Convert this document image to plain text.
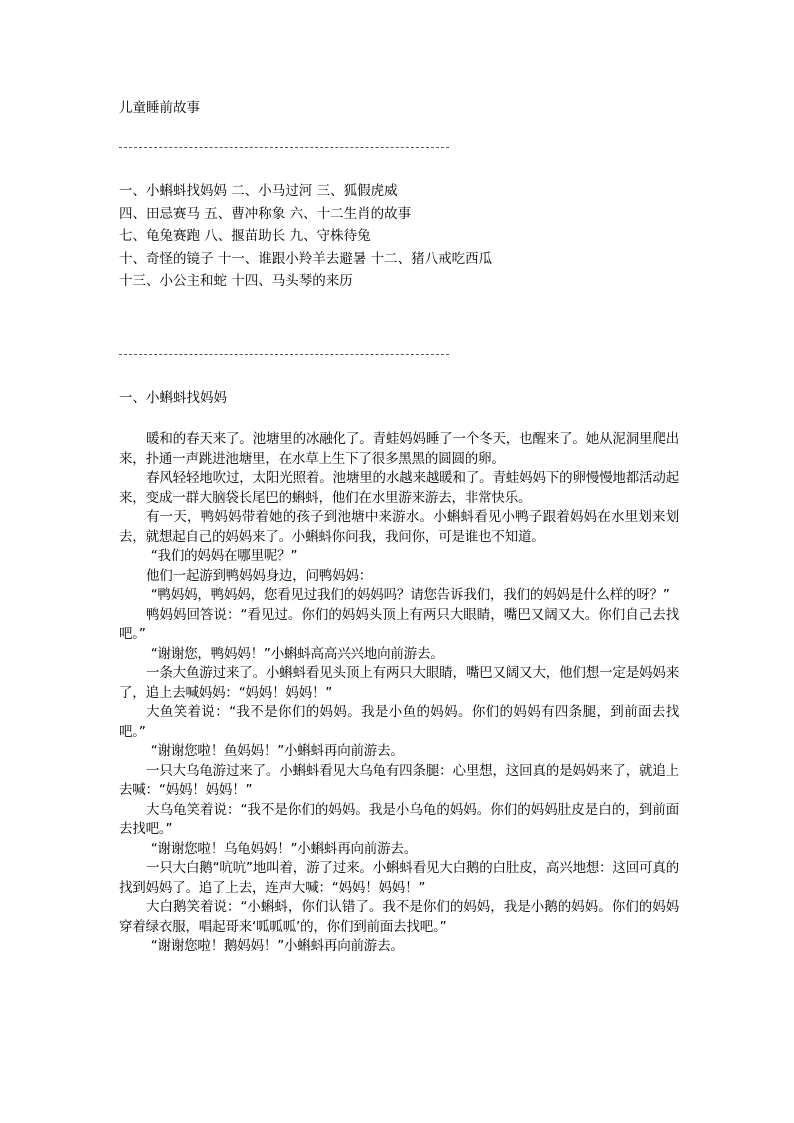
儿童睡前故事
一、小蝌蚪找妈妈 二、小马过河 三、狐假虎威
四、田忌赛马 五、曹冲称象 六、十二生肖的故事
七、龟兔赛跑 八、揠苗助长 九、守株待兔
十、奇怪的镜子 十一、谁跟小羚羊去避暑 十二、猪八戒吃西瓜
十三、小公主和蛇 十四、马头琴的来历
一、小蝌蚪找妈妈

暖和的春天来了。池塘里的冰融化了。青蛙妈妈睡了一个冬天，也醒来了。她从泥洞里爬出来，扑通一声跳进池塘里，在水草上生下了很多黑黑的圆圆的卵。

春风轻轻地吹过，太阳光照着。池塘里的水越来越暖和了。青蛙妈妈下的卵慢慢地都活动起来，变成一群大脑袋长尾巴的蝌蚪，他们在水里游来游去，非常快乐。

有一天，鸭妈妈带着她的孩子到池塘中来游水。小蝌蚪看见小鸭子跟着妈妈在水里划来划去，就想起自己的妈妈来了。小蝌蚪你问我，我问你，可是谁也不知道。

“我们的妈妈在哪里呢？”

他们一起游到鸭妈妈身边，问鸭妈妈：

“鸭妈妈，鸭妈妈，您看见过我们的妈妈吗？请您告诉我们，我们的妈妈是什么样的呀？”

鸭妈妈回答说：“看见过。你们的妈妈头顶上有两只大眼睛，嘴巴又阔又大。你们自己去找吧。”

“谢谢您，鸭妈妈！”小蝌蚪高高兴兴地向前游去。

一条大鱼游过来了。小蝌蚪看见头顶上有两只大眼睛，嘴巴又阔又大，他们想一定是妈妈来了，追上去喊妈妈：“妈妈！妈妈！”

大鱼笑着说：“我不是你们的妈妈。我是小鱼的妈妈。你们的妈妈有四条腿，到前面去找吧。”

“谢谢您啦！鱼妈妈！”小蝌蚪再向前游去。

一只大乌龟游过来了。小蝌蚪看见大乌龟有四条腿：心里想，这回真的是妈妈来了，就追上去喊：“妈妈！妈妈！”

大乌龟笑着说：“我不是你们的妈妈。我是小乌龟的妈妈。你们的妈妈肚皮是白的，到前面去找吧。”

“谢谢您啦！乌龟妈妈！”小蝌蚪再向前游去。

一只大白鹅“吭吭”地叫着，游了过来。小蝌蚪看见大白鹅的白肚皮，高兴地想：这回可真的找到妈妈了。追了上去，连声大喊：“妈妈！妈妈！”

大白鹅笑着说：“小蝌蚪，你们认错了。我不是你们的妈妈，我是小鹅的妈妈。你们的妈妈穿着绿衣服，唱起哥来‘呱呱呱’的，你们到前面去找吧。”

“谢谢您啦！鹅妈妈！”小蝌蚪再向前游去。
